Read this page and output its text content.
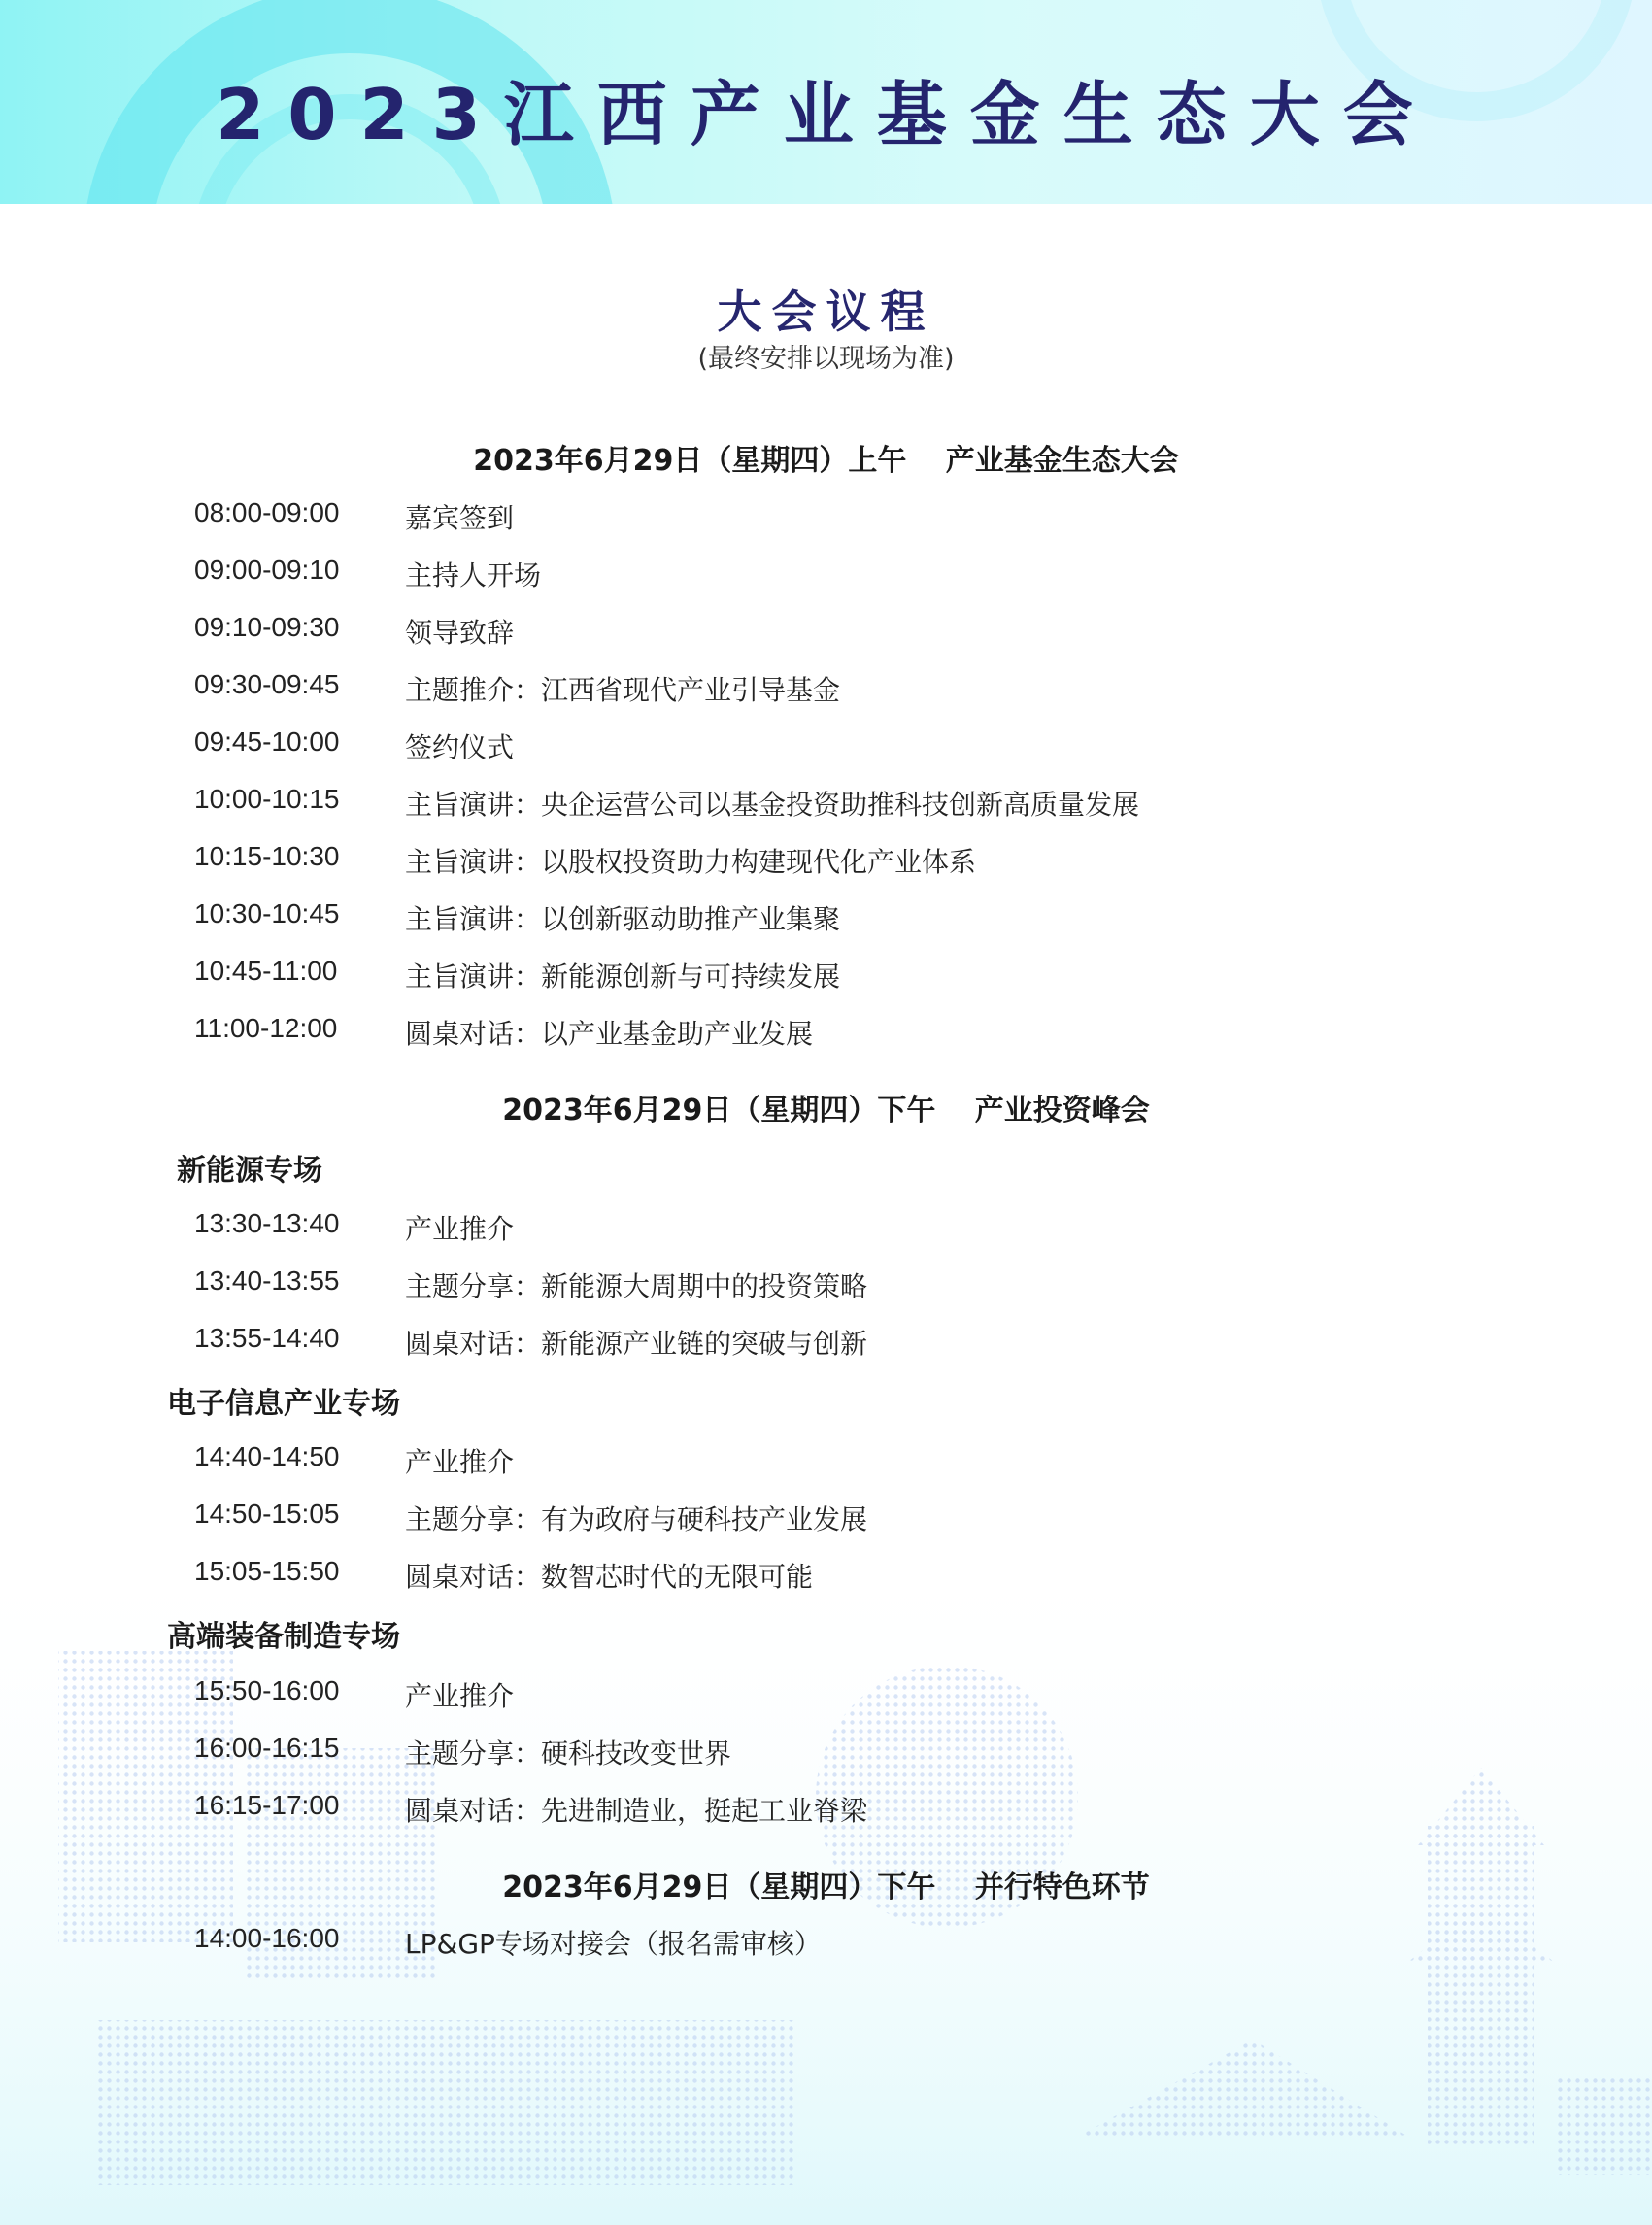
2023江西产业基金生态大会
大会议程
(最终安排以现场为准)
2023年6月29日（星期四）上午　 产业基金生态大会
08:00-09:00 嘉宾签到
09:00-09:10 主持人开场
09:10-09:30 领导致辞
09:30-09:45 主题推介：江西省现代产业引导基金
09:45-10:00 签约仪式
10:00-10:15 主旨演讲：央企运营公司以基金投资助推科技创新高质量发展
10:15-10:30 主旨演讲：以股权投资助力构建现代化产业体系
10:30-10:45 主旨演讲：以创新驱动助推产业集聚
10:45-11:00 主旨演讲：新能源创新与可持续发展
11:00-12:00 圆桌对话：以产业基金助产业发展
2023年6月29日（星期四）下午　 产业投资峰会
新能源专场
13:30-13:40 产业推介
13:40-13:55 主题分享：新能源大周期中的投资策略
13:55-14:40 圆桌对话：新能源产业链的突破与创新
电子信息产业专场
14:40-14:50 产业推介
14:50-15:05 主题分享：有为政府与硬科技产业发展
15:05-15:50 圆桌对话：数智芯时代的无限可能
高端装备制造专场
15:50-16:00 产业推介
16:00-16:15 主题分享：硬科技改变世界
16:15-17:00 圆桌对话：先进制造业，挺起工业脊梁
2023年6月29日（星期四）下午　 并行特色环节
14:00-16:00 LP&GP专场对接会（报名需审核）
